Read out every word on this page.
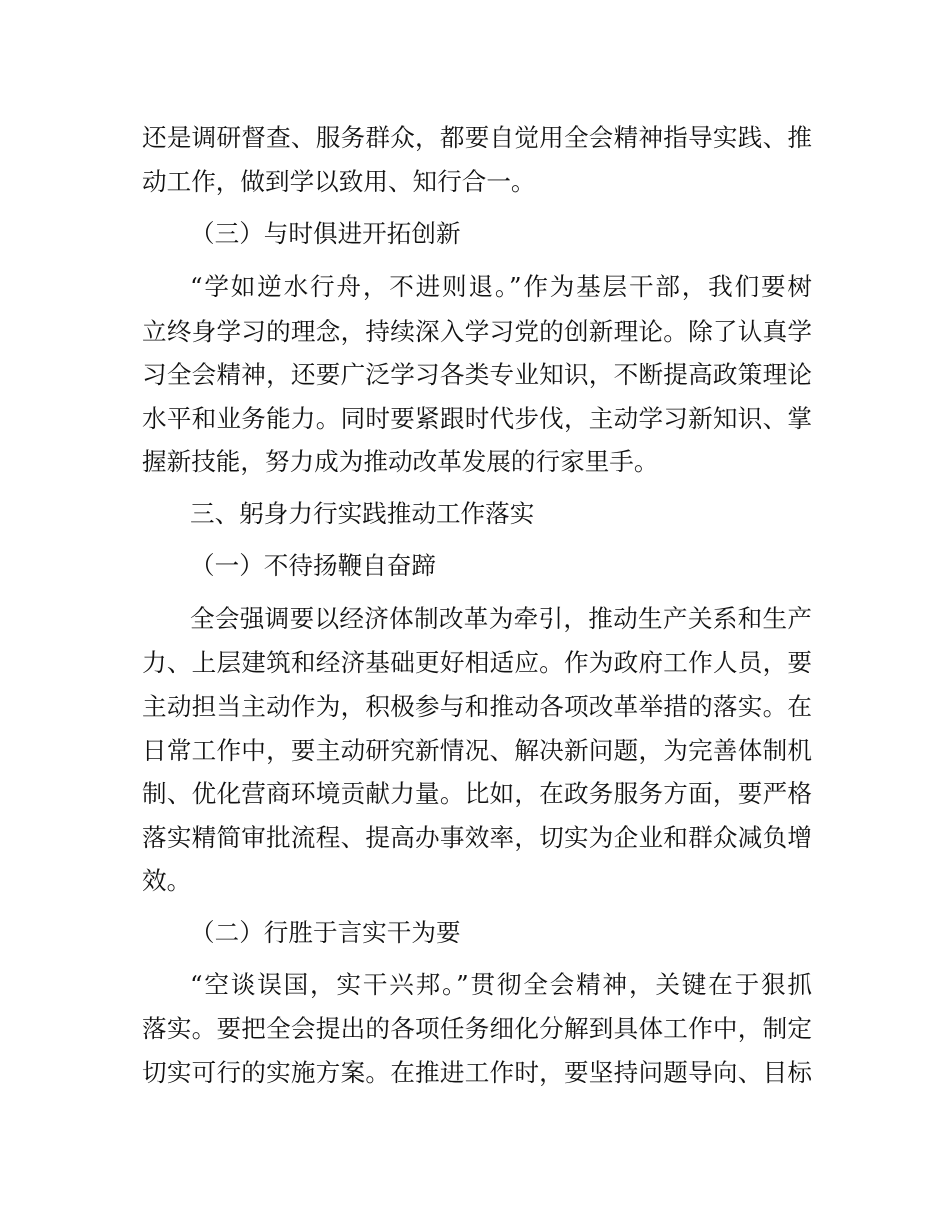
还是调研督查、服务群众，都要自觉用全会精神指导实践、推
动工作，做到学以致用、知行合一。
（三）与时俱进开拓创新
“学如逆水行舟，不进则退。”作为基层干部，我们要树
立终身学习的理念，持续深入学习党的创新理论。除了认真学
习全会精神，还要广泛学习各类专业知识，不断提高政策理论
水平和业务能力。同时要紧跟时代步伐，主动学习新知识、掌
握新技能，努力成为推动改革发展的行家里手。
三、躬身力行实践推动工作落实
（一）不待扬鞭自奋蹄
全会强调要以经济体制改革为牵引，推动生产关系和生产
力、上层建筑和经济基础更好相适应。作为政府工作人员，要
主动担当主动作为，积极参与和推动各项改革举措的落实。在
日常工作中，要主动研究新情况、解决新问题，为完善体制机
制、优化营商环境贡献力量。比如，在政务服务方面，要严格
落实精简审批流程、提高办事效率，切实为企业和群众减负增
效。
（二）行胜于言实干为要
“空谈误国，实干兴邦。”贯彻全会精神，关键在于狠抓
落实。要把全会提出的各项任务细化分解到具体工作中，制定
切实可行的实施方案。在推进工作时，要坚持问题导向、目标
